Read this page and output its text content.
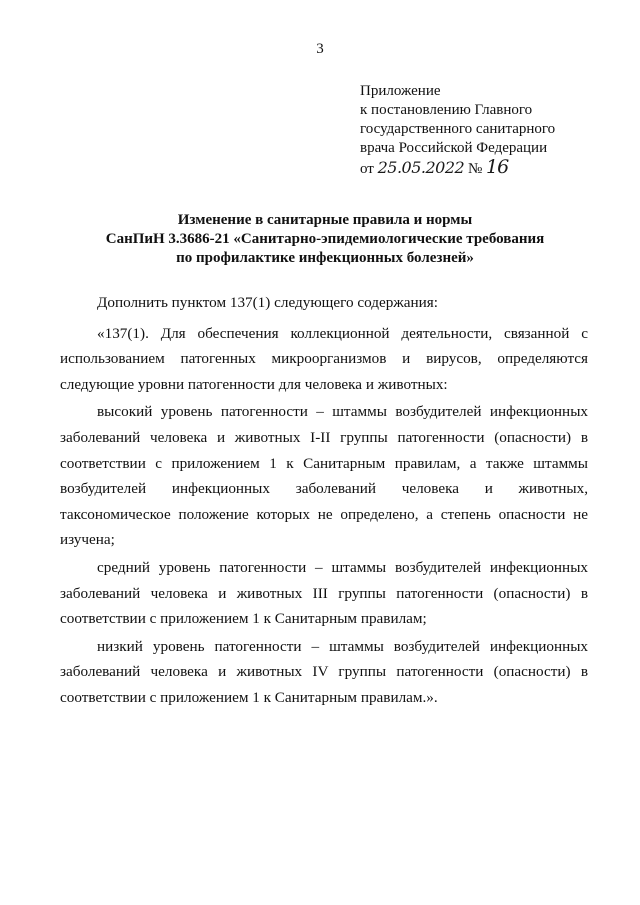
3
Приложение
к постановлению Главного
государственного санитарного
врача Российской Федерации
от 25.05.2022 № 16
Изменение в санитарные правила и нормы
СанПиН 3.3686-21 «Санитарно-эпидемиологические требования
по профилактике инфекционных болезней»

Дополнить пунктом 137(1) следующего содержания:

«137(1). Для обеспечения коллекционной деятельности, связанной с использованием патогенных микроорганизмов и вирусов, определяются следующие уровни патогенности для человека и животных:

высокий уровень патогенности – штаммы возбудителей инфекционных заболеваний человека и животных I-II группы патогенности (опасности) в соответствии с приложением 1 к Санитарным правилам, а также штаммы возбудителей инфекционных заболеваний человека и животных, таксономическое положение которых не определено, а степень опасности не изучена;

средний уровень патогенности – штаммы возбудителей инфекционных заболеваний человека и животных III группы патогенности (опасности) в соответствии с приложением 1 к Санитарным правилам;

низкий уровень патогенности – штаммы возбудителей инфекционных заболеваний человека и животных IV группы патогенности (опасности) в соответствии с приложением 1 к Санитарным правилам.».
